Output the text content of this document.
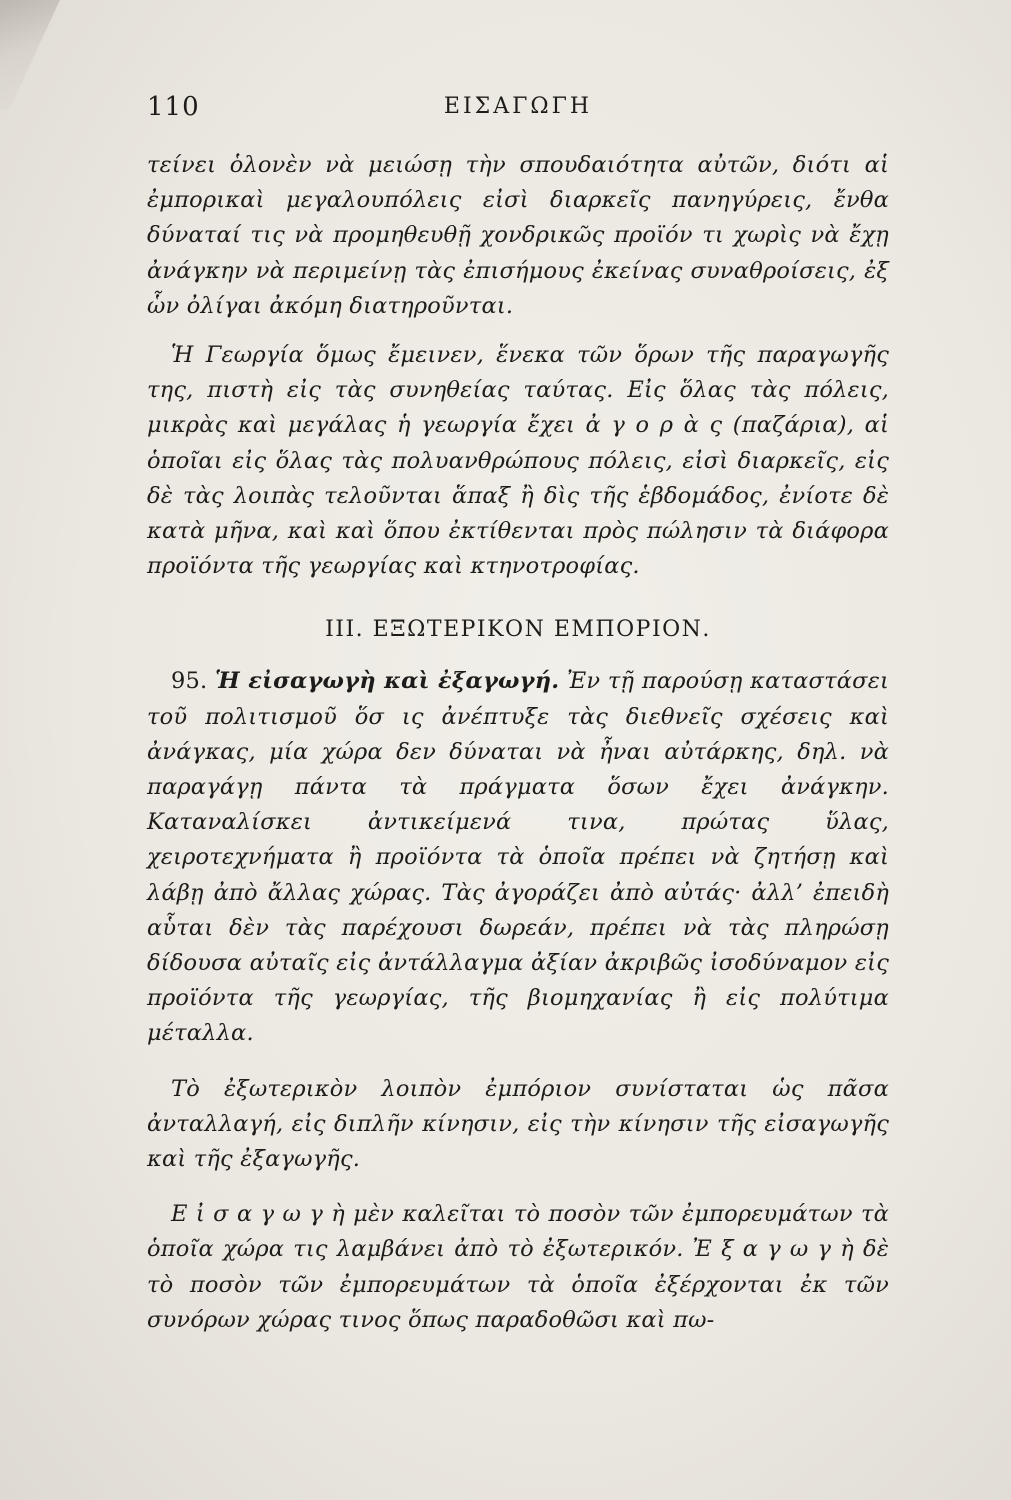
110	ΕΙΣΑΓΩΓΗ

τείνει ὁλονὲν νὰ μειώσῃ τὴν σπουδαιότητα αὐτῶν, διότι αἱ ἐμπορικαὶ μεγαλουπόλεις εἰσὶ διαρκεῖς πανηγύρεις, ἔνθα δύναταί τις νὰ προμηθευθῇ χονδρικῶς προϊόν τι χωρὶς νὰ ἔχῃ ἀνάγκην νὰ περιμείνῃ τὰς ἐπισήμους ἐκείνας συναθροίσεις, ἐξ ὧν ὀλίγαι ἀκόμη διατηροῦνται.

Ἡ Γεωργία ὅμως ἔμεινεν, ἕνεκα τῶν ὅρων τῆς παραγωγῆς της, πιστὴ εἰς τὰς συνηθείας ταύτας. Εἰς ὅλας τὰς πόλεις, μικρὰς καὶ μεγάλας ἡ γεωργία ἔχει ἀ γ ο ρ ὰ ς (παζάρια), αἱ ὁποῖαι εἰς ὅλας τὰς πολυανθρώπους πόλεις, εἰσὶ διαρκεῖς, εἰς δὲ τὰς λοιπὰς τελοῦνται ἅπαξ ἢ δὶς τῆς ἑβδομάδος, ἐνίοτε δὲ κατὰ μῆνα, καὶ καὶ ὅπου ἐκτίθενται πρὸς πώλησιν τὰ διάφορα προϊόντα τῆς γεωργίας καὶ κτηνοτροφίας.

III. ΕΞΩΤΕΡΙΚΟΝ ΕΜΠΟΡΙΟΝ.

95. Ἡ εἰσαγωγὴ καὶ ἐξαγωγή. Ἐν τῇ παρούσῃ καταστάσει τοῦ πολιτισμοῦ ὅσ ις ἀνέπτυξε τὰς διεθνεῖς σχέσεις καὶ ἀνάγκας, μία χώρα δεν δύναται νὰ ἦναι αὐτάρκης, δηλ. νὰ παραγάγῃ πάντα τὰ πράγματα ὅσων ἔχει ἀνάγκην. Καταναλίσκει ἀντικείμενά τινα, πρώτας ὕλας, χειροτεχνήματα ἢ προϊόντα τὰ ὁποῖα πρέπει νὰ ζητήσῃ καὶ λάβῃ ἀπὸ ἄλλας χώρας. Τὰς ἀγοράζει ἀπὸ αὐτάς· ἀλλ’ ἐπειδὴ αὗται δὲν τὰς παρέχουσι δωρεάν, πρέπει νὰ τὰς πληρώσῃ δίδουσα αὐταῖς εἰς ἀντάλλαγμα ἀξίαν ἀκριβῶς ἰσοδύναμον εἰς προϊόντα τῆς γεωργίας, τῆς βιομηχανίας ἢ εἰς πολύτιμα μέταλλα.

Τὸ ἐξωτερικὸν λοιπὸν ἐμπόριον συνίσταται ὡς πᾶσα ἀνταλλαγή, εἰς διπλῆν κίνησιν, εἰς τὴν κίνησιν τῆς εἰσαγωγῆς καὶ τῆς ἐξαγωγῆς.

Ε ἰ σ α γ ω γ ὴ μὲν καλεῖται τὸ ποσὸν τῶν ἐμπορευμάτων τὰ ὁποῖα χώρα τις λαμβάνει ἀπὸ τὸ ἐξωτερικόν. Ἐ ξ α γ ω γ ὴ δὲ τὸ ποσὸν τῶν ἐμπορευμάτων τὰ ὁποῖα ἐξέρχονται ἐκ τῶν συνόρων χώρας τινος ὅπως παραδοθῶσι καὶ πω-
